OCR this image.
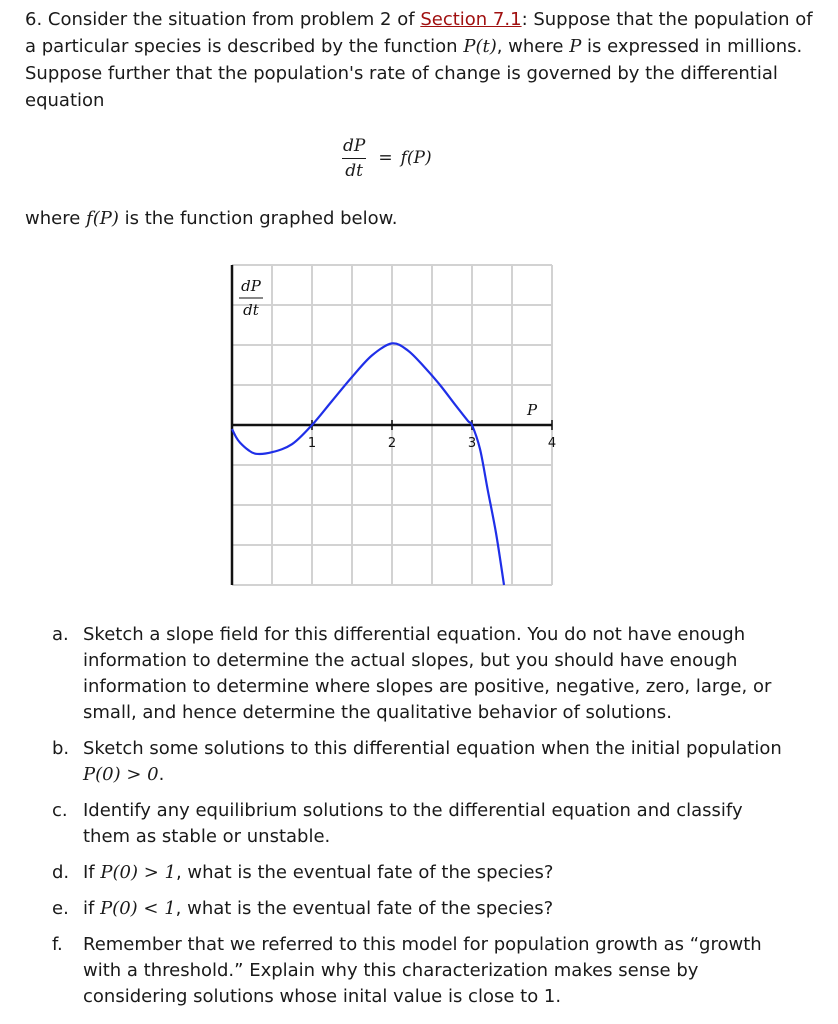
6. Consider the situation from problem 2 of Section 7.1: Suppose that the population of a particular species is described by the function P(t), where P is expressed in millions. Suppose further that the population's rate of change is governed by the differential equation
$\frac{dP}{dt} = f(P)$
where f(P) is the function graphed below.
1	2	3	4
dP
dt
P
a. Sketch a slope field for this differential equation. You do not have enough information to determine the actual slopes, but you should have enough information to determine where slopes are positive, negative, zero, large, or small, and hence determine the qualitative behavior of solutions.
b. Sketch some solutions to this differential equation when the initial population P(0) > 0.
c. Identify any equilibrium solutions to the differential equation and classify them as stable or unstable.
d. If P(0) > 1, what is the eventual fate of the species?
e. if P(0) < 1, what is the eventual fate of the species?
f.	Remember that we referred to this model for population growth as “growth with a threshold.” Explain why this characterization makes sense by considering solutions whose inital value is close to 1.
